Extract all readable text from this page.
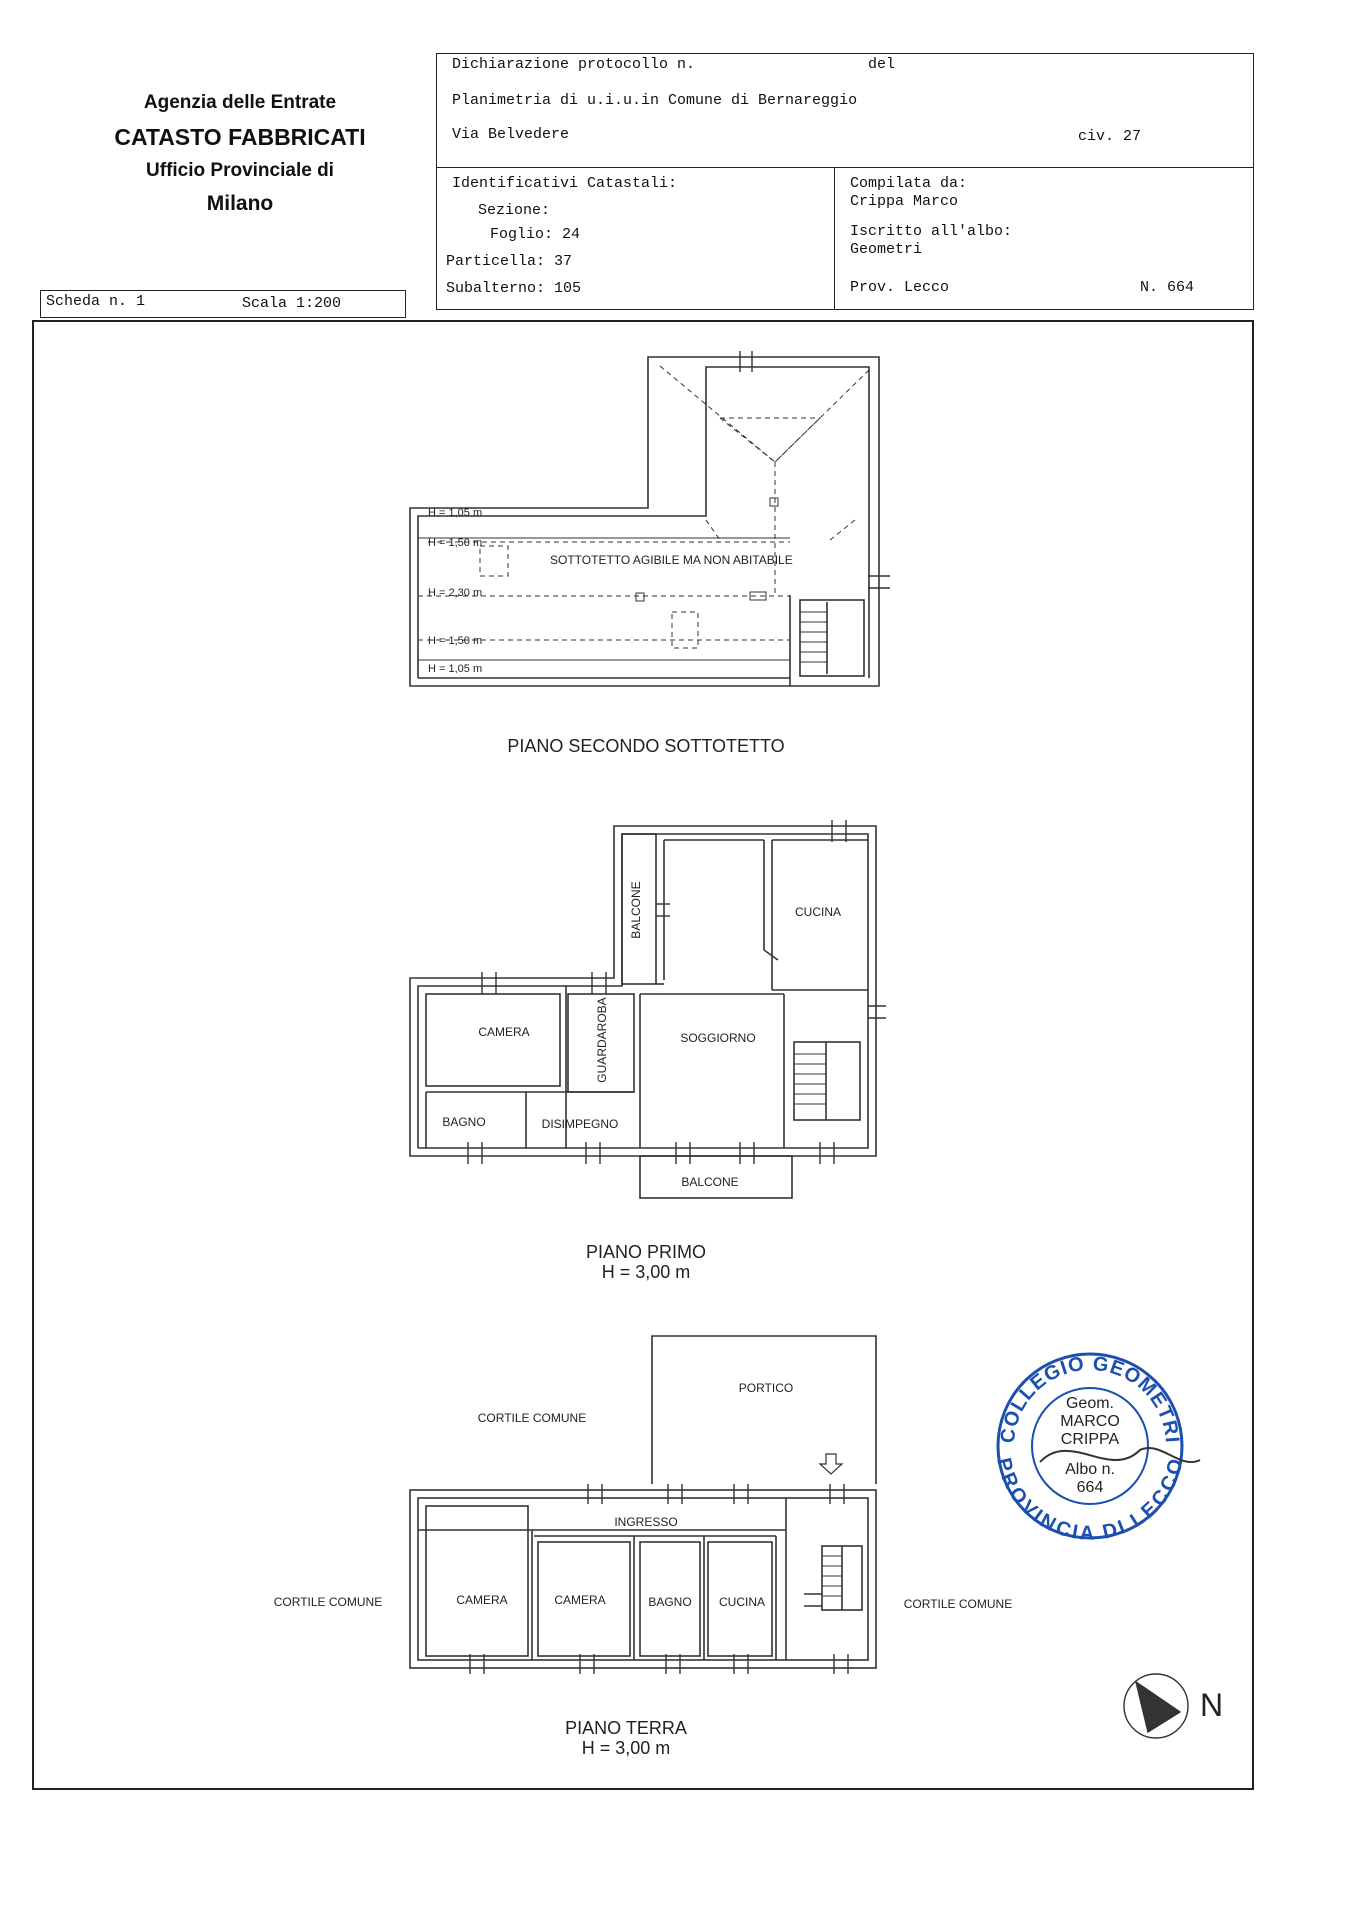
Agenzia delle Entrate
CATASTO FABBRICATI
Ufficio Provinciale di
Milano
Dichiarazione protocollo n.	del
Planimetria di u.i.u.in Comune di Bernareggio
Via Belvedere	civ. 27
Identificativi Catastali:
Sezione:
Foglio: 24
Particella: 37
Subalterno: 105
Compilata da:
Crippa Marco
Iscritto all'albo:
Geometri
Prov. Lecco	N. 664
Scheda n. 1	Scala 1:200
COLLEGIO GEOMETRI
PROVINCIA DI LECCO
Geom.
MARCO
CRIPPA
Albo n.
664
H = 1,05 m
H = 1,50 m
H = 2,30 m
H = 1,50 m
H = 1,05 m
SOTTOTETTO AGIBILE MA NON ABITABILE
PIANO SECONDO SOTTOTETTO
BALCONE	CUCINA
CAMERA	GUARDAROBA	SOGGIORNO
BAGNO	DISIMPEGNO
BALCONE
PIANO PRIMO
H = 3,00 m
PORTICO
CORTILE COMUNE
CORTILE COMUNE	CORTILE COMUNE
INGRESSO
CAMERA	CAMERA	BAGNO CUCINA
PIANO TERRA
H = 3,00 m
N
